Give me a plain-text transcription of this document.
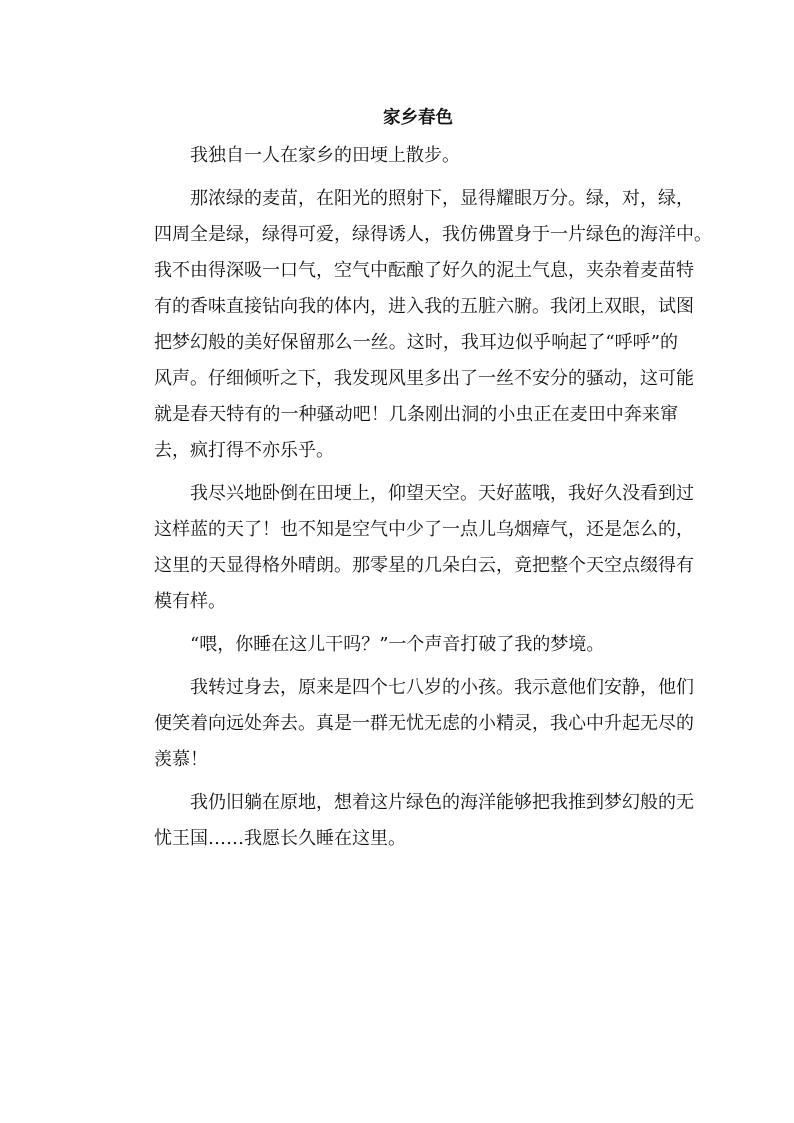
家乡春色
我独自一人在家乡的田埂上散步。
那浓绿的麦苗，在阳光的照射下，显得耀眼万分。绿，对，绿，
四周全是绿，绿得可爱，绿得诱人，我仿佛置身于一片绿色的海洋中。
我不由得深吸一口气，空气中酝酿了好久的泥土气息，夹杂着麦苗特
有的香味直接钻向我的体内，进入我的五脏六腑。我闭上双眼，试图
把梦幻般的美好保留那么一丝。这时，我耳边似乎响起了“呼呼”的
风声。仔细倾听之下，我发现风里多出了一丝不安分的骚动，这可能
就是春天特有的一种骚动吧！几条刚出洞的小虫正在麦田中奔来窜
去，疯打得不亦乐乎。
我尽兴地卧倒在田埂上，仰望天空。天好蓝哦，我好久没看到过
这样蓝的天了！也不知是空气中少了一点儿乌烟瘴气，还是怎么的，
这里的天显得格外晴朗。那零星的几朵白云，竟把整个天空点缀得有
模有样。
“喂，你睡在这儿干吗？”一个声音打破了我的梦境。
我转过身去，原来是四个七八岁的小孩。我示意他们安静，他们
便笑着向远处奔去。真是一群无忧无虑的小精灵，我心中升起无尽的
羡慕！
我仍旧躺在原地，想着这片绿色的海洋能够把我推到梦幻般的无
忧王国……我愿长久睡在这里。
